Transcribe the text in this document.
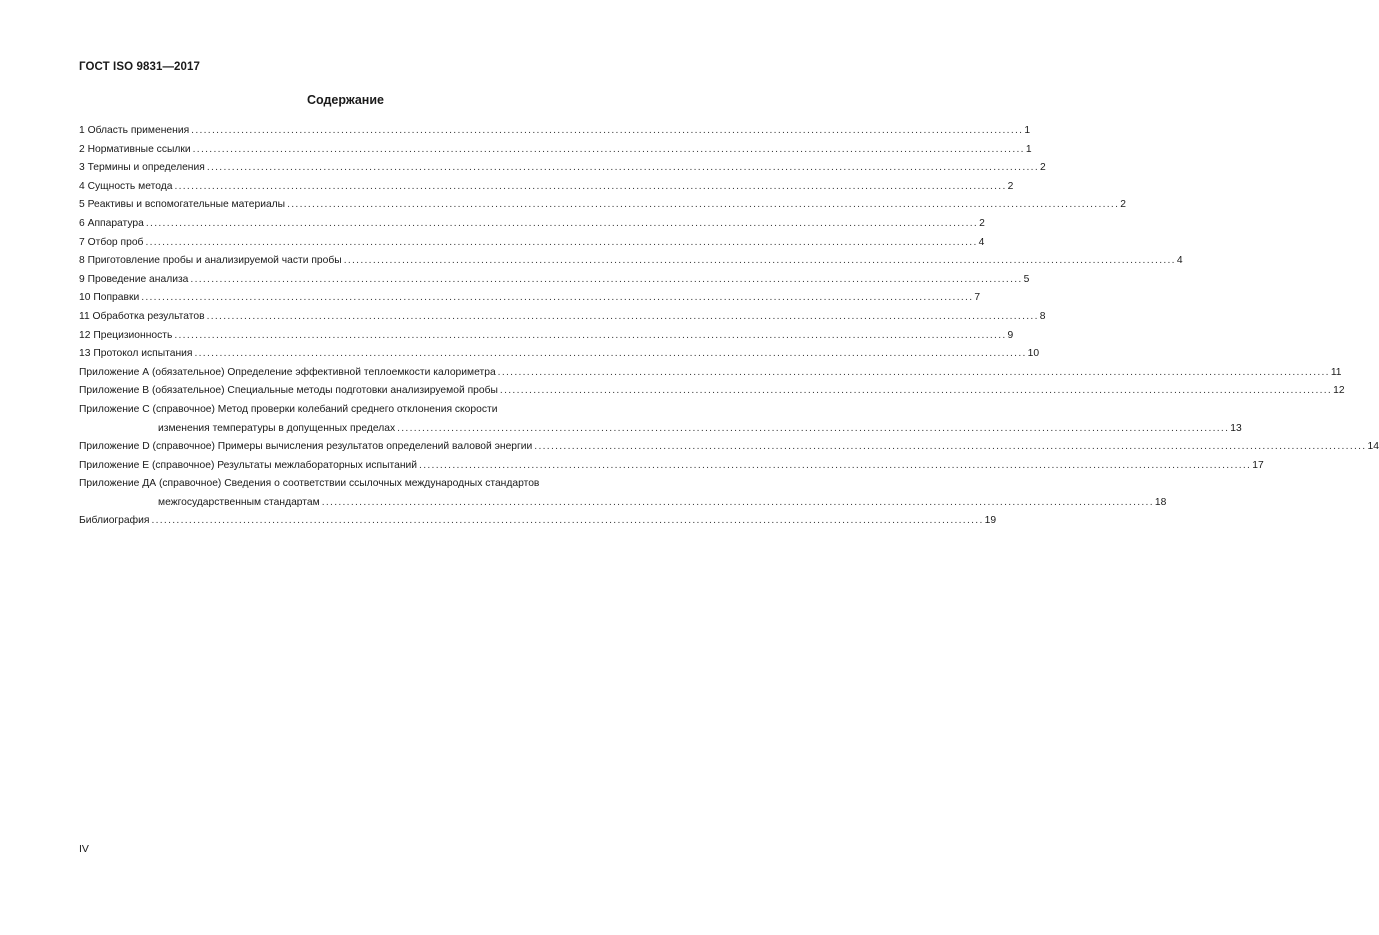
ГОСТ ISO 9831—2017
Содержание
1 Область применения ........................................................................................................................................................................................................ 1
2 Нормативные ссылки ........................................................................................................................................................................................................ 1
3 Термины и определения ........................................................................................................................................................................................................ 2
4 Сущность метода ........................................................................................................................................................................................................ 2
5 Реактивы и вспомогательные материалы ........................................................................................................................................................................................................ 2
6 Аппаратура ........................................................................................................................................................................................................ 2
7 Отбор проб ........................................................................................................................................................................................................ 4
8 Приготовление пробы и анализируемой части пробы ........................................................................................................................................................................................................ 4
9 Проведение анализа ........................................................................................................................................................................................................ 5
10 Поправки ........................................................................................................................................................................................................ 7
11 Обработка результатов ........................................................................................................................................................................................................ 8
12 Прецизионность ........................................................................................................................................................................................................ 9
13 Протокол испытания ........................................................................................................................................................................................................ 10
Приложение А (обязательное) Определение эффективной теплоемкости калориметра ........................................................................................................................................................................................................ 11
Приложение В (обязательное) Специальные методы подготовки анализируемой пробы ........................................................................................................................................................................................................ 12
Приложение С (справочное) Метод проверки колебаний среднего отклонения скорости
изменения температуры в допущенных пределах ........................................................................................................................................................................................................ 13
Приложение D (справочное) Примеры вычисления результатов определений валовой энергии ........................................................................................................................................................................................................ 14
Приложение Е (справочное) Результаты межлабораторных испытаний ........................................................................................................................................................................................................ 17
Приложение ДА (справочное) Сведения о соответствии ссылочных международных стандартов
межгосударственным стандартам ........................................................................................................................................................................................................ 18
Библиография ........................................................................................................................................................................................................ 19
IV
